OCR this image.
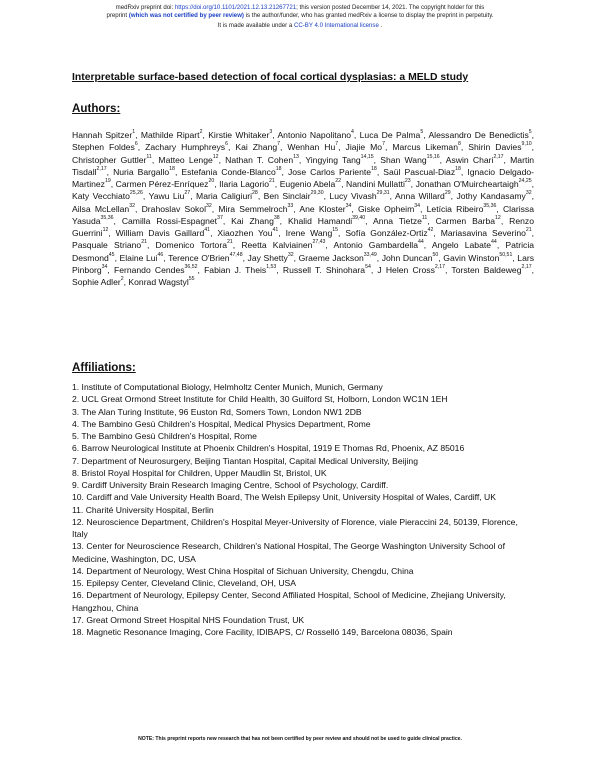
medRxiv preprint doi: https://doi.org/10.1101/2021.12.13.21267721; this version posted December 14, 2021. The copyright holder for this
preprint (which was not certified by peer review) is the author/funder, who has granted medRxiv a license to display the preprint in perpetuity.
It is made available under a CC-BY 4.0 International license .
Interpretable surface-based detection of focal cortical dysplasias: a MELD study
Authors:
Hannah Spitzer$^1$, Mathilde Ripart$^2$, Kirstie Whitaker$^3$, Antonio Napolitano$^4$, Luca De Palma$^5$, Alessandro De Benedictis$^5$, Stephen Foldes$^6$, Zachary Humphreys$^6$, Kai Zhang$^7$, Wenhan Hu$^7$, Jiajie Mo$^7$, Marcus Likeman$^8$, Shirin Davies$^{9,10}$, Christopher Guttler$^{11}$, Matteo Lenge$^{12}$, Nathan T. Cohen$^{13}$, Yingying Tang$^{14,15}$, Shan Wang$^{15,16}$, Aswin Chari$^{2,17}$, Martin Tisdall$^{2,17}$, Nuria Bargallo$^{18}$, Estefania Conde-Blanco$^{18}$, Jose Carlos Pariente$^{18}$, Saül Pascual-Diaz$^{18}$, Ignacio Delgado-Martinez$^{19}$, Carmen Pérez-Enríquez$^{20}$, Ilaria Lagorio$^{21}$, Eugenio Abela$^{22}$, Nandini Mullatti$^{23}$, Jonathan O'Muircheartaigh$^{24,25}$, Katy Vecchiato$^{25,26}$, Yawu Liu$^{27}$, Maria Caligiuri$^{28}$, Ben Sinclair$^{29,30}$, Lucy Vivash$^{29,31}$, Anna Willard$^{29}$, Jothy Kandasamy$^{32}$, Ailsa McLellan$^{32}$, Drahoslav Sokol$^{32}$, Mira Semmelroch$^{33}$, Ane Kloster$^{34}$, Giske Opheim$^{34}$, Letícia Ribeiro$^{35,36}$, Clarissa Yasuda$^{35,36}$, Camilla Rossi-Espagnet$^{37}$, Kai Zhang$^{38}$, Khalid Hamandi$^{39,40}$, Anna Tietze$^{11}$, Carmen Barba$^{12}$, Renzo Guerrini$^{12}$, William Davis Gaillard$^{41}$, Xiaozhen You$^{41}$, Irene Wang$^{15}$, Sofía González-Ortiz$^{42}$, Mariasavina Severino$^{21}$, Pasquale Striano$^{21}$, Domenico Tortora$^{21}$, Reetta Kalviainen$^{27,43}$, Antonio Gambardella$^{44}$, Angelo Labate$^{44}$, Patricia Desmond$^{45}$, Elaine Lui$^{46}$, Terence O'Brien$^{47,48}$, Jay Shetty$^{32}$, Graeme Jackson$^{33,49}$, John Duncan$^{50}$, Gavin Winston$^{50,51}$, Lars Pinborg$^{34}$, Fernando Cendes$^{36,52}$, Fabian J. Theis$^{1,53}$, Russell T. Shinohara$^{54}$, J Helen Cross$^{2,17}$, Torsten Baldeweg$^{2,17}$, Sophie Adler$^2$, Konrad Wagstyl$^{55}$
Affiliations:
1. Institute of Computational Biology, Helmholtz Center Munich, Munich, Germany
2. UCL Great Ormond Street Institute for Child Health, 30 Guilford St, Holborn, London WC1N 1EH
3. The Alan Turing Institute, 96 Euston Rd, Somers Town, London NW1 2DB
4. The Bambino Gesù Children's Hospital, Medical Physics Department, Rome
5. The Bambino Gesù Children's Hospital, Rome
6. Barrow Neurological Institute at Phoenix Children's Hospital, 1919 E Thomas Rd, Phoenix, AZ 85016
7. Department of Neurosurgery, Beijing Tiantan Hospital, Capital Medical University, Beijing
8. Bristol Royal Hospital for Children, Upper Maudlin St, Bristol, UK
9. Cardiff University Brain Research Imaging Centre, School of Psychology, Cardiff.
10. Cardiff and Vale University Health Board, The Welsh Epilepsy Unit, University Hospital of Wales, Cardiff, UK
11. Charité University Hospital, Berlin
12. Neuroscience Department, Children's Hospital Meyer-University of Florence, viale Pieraccini 24, 50139, Florence, Italy
13. Center for Neuroscience Research, Children's National Hospital, The George Washington University School of Medicine, Washington, DC, USA
14. Department of Neurology, West China Hospital of Sichuan University, Chengdu, China
15. Epilepsy Center, Cleveland Clinic, Cleveland, OH, USA
16. Department of Neurology, Epilepsy Center, Second Affiliated Hospital, School of Medicine, Zhejiang University, Hangzhou, China
17. Great Ormond Street Hospital NHS Foundation Trust, UK
18. Magnetic Resonance Imaging, Core Facility, IDIBAPS, C/ Rosselló 149, Barcelona 08036, Spain
NOTE: This preprint reports new research that has not been certified by peer review and should not be used to guide clinical practice.
